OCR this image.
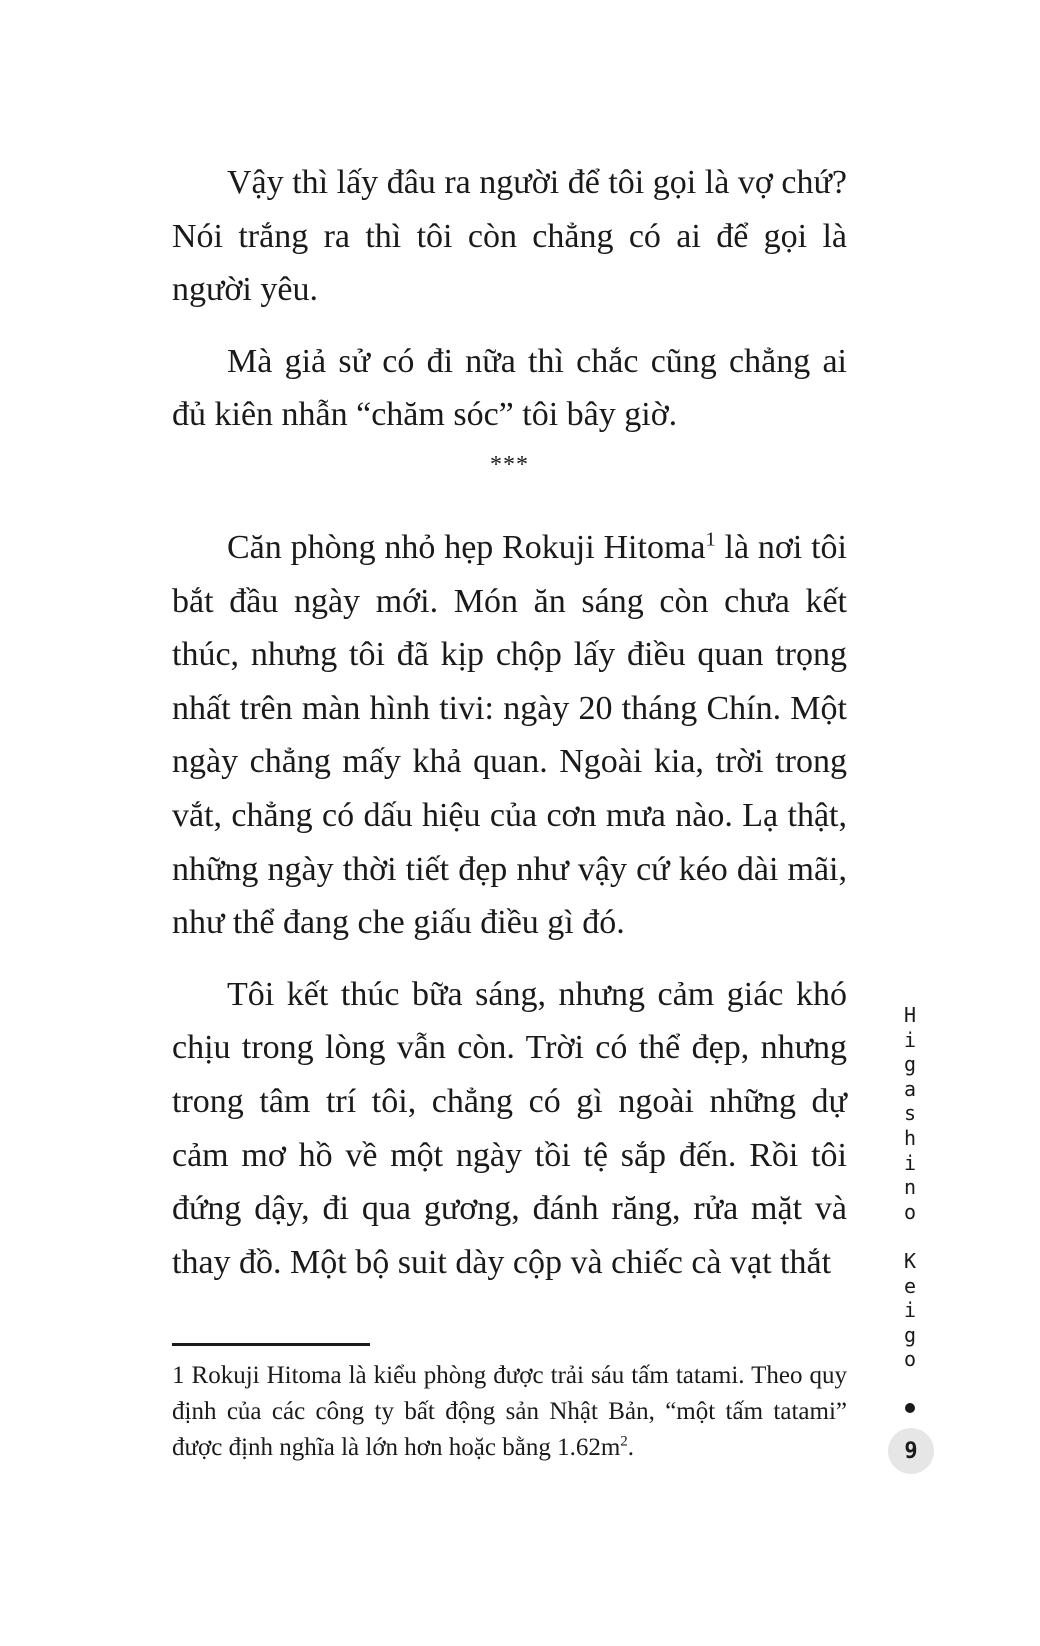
Vậy thì lấy đâu ra người để tôi gọi là vợ chứ? Nói trắng ra thì tôi còn chẳng có ai để gọi là người yêu.

Mà giả sử có đi nữa thì chắc cũng chẳng ai đủ kiên nhẫn “chăm sóc” tôi bây giờ.

***

Căn phòng nhỏ hẹp Rokuji Hitoma$^1$ là nơi tôi bắt đầu ngày mới. Món ăn sáng còn chưa kết thúc, nhưng tôi đã kịp chộp lấy điều quan trọng nhất trên màn hình tivi: ngày 20 tháng Chín. Một ngày chẳng mấy khả quan. Ngoài kia, trời trong vắt, chẳng có dấu hiệu của cơn mưa nào. Lạ thật, những ngày thời tiết đẹp như vậy cứ kéo dài mãi, như thể đang che giấu điều gì đó.

Tôi kết thúc bữa sáng, nhưng cảm giác khó chịu trong lòng vẫn còn. Trời có thể đẹp, nhưng trong tâm trí tôi, chẳng có gì ngoài những dự cảm mơ hồ về một ngày tồi tệ sắp đến. Rồi tôi đứng dậy, đi qua gương, đánh răng, rửa mặt và thay đồ. Một bộ suit dày cộp và chiếc cà vạt thắt

1 Rokuji Hitoma là kiểu phòng được trải sáu tấm tatami. Theo quy định của các công ty bất động sản Nhật Bản, “một tấm tatami” được định nghĩa là lớn hơn hoặc bằng $1.62m^2$.

H
i
g
a
s
h
i
n
o

K
e
i
g
o
9
